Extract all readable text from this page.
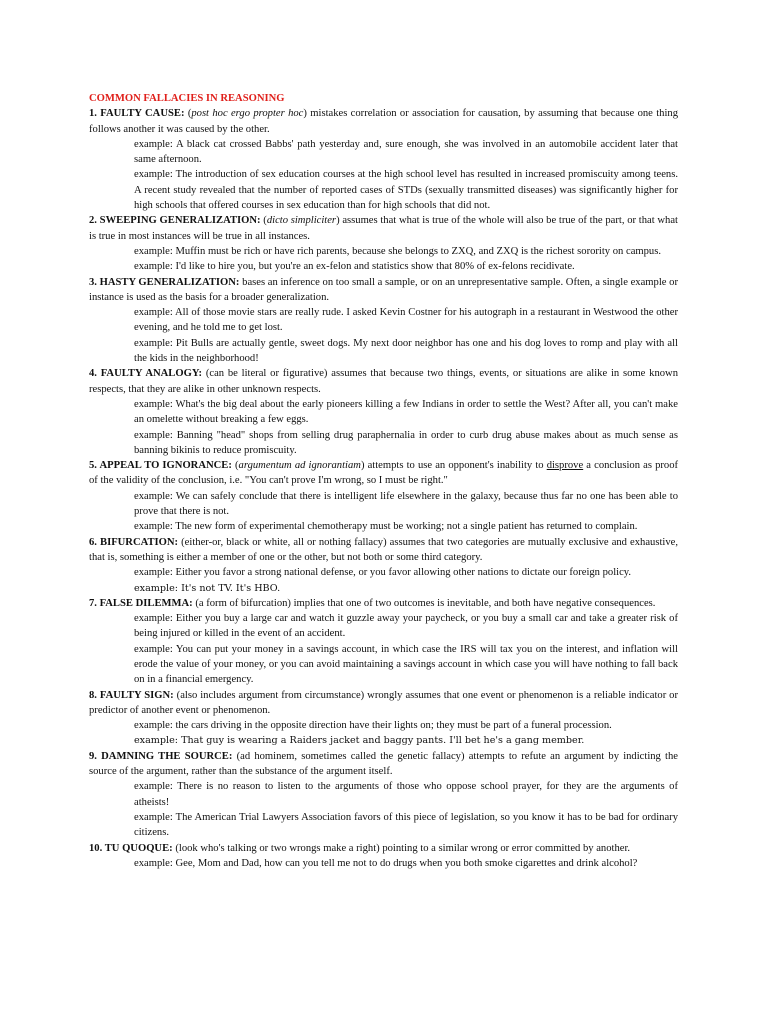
COMMON FALLACIES IN REASONING
1. FAULTY CAUSE: (post hoc ergo propter hoc) mistakes correlation or association for causation, by assuming that because one thing follows another it was caused by the other.
example: A black cat crossed Babbs' path yesterday and, sure enough, she was involved in an automobile accident later that same afternoon.
example: The introduction of sex education courses at the high school level has resulted in increased promiscuity among teens. A recent study revealed that the number of reported cases of STDs (sexually transmitted diseases) was significantly higher for high schools that offered courses in sex education than for high schools that did not.
2. SWEEPING GENERALIZATION: (dicto simpliciter) assumes that what is true of the whole will also be true of the part, or that what is true in most instances will be true in all instances.
example: Muffin must be rich or have rich parents, because she belongs to ZXQ, and ZXQ is the richest sorority on campus.
example: I'd like to hire you, but you're an ex-felon and statistics show that 80% of ex-felons recidivate.
3. HASTY GENERALIZATION: bases an inference on too small a sample, or on an unrepresentative sample. Often, a single example or instance is used as the basis for a broader generalization.
example: All of those movie stars are really rude. I asked Kevin Costner for his autograph in a restaurant in Westwood the other evening, and he told me to get lost.
example: Pit Bulls are actually gentle, sweet dogs. My next door neighbor has one and his dog loves to romp and play with all the kids in the neighborhood!
4. FAULTY ANALOGY: (can be literal or figurative) assumes that because two things, events, or situations are alike in some known respects, that they are alike in other unknown respects.
example: What's the big deal about the early pioneers killing a few Indians in order to settle the West? After all, you can't make an omelette without breaking a few eggs.
example: Banning "head" shops from selling drug paraphernalia in order to curb drug abuse makes about as much sense as banning bikinis to reduce promiscuity.
5. APPEAL TO IGNORANCE: (argumentum ad ignorantiam) attempts to use an opponent's inability to disprove a conclusion as proof of the validity of the conclusion, i.e. "You can't prove I'm wrong, so I must be right."
example: We can safely conclude that there is intelligent life elsewhere in the galaxy, because thus far no one has been able to prove that there is not.
example: The new form of experimental chemotherapy must be working; not a single patient has returned to complain.
6. BIFURCATION: (either-or, black or white, all or nothing fallacy) assumes that two categories are mutually exclusive and exhaustive, that is, something is either a member of one or the other, but not both or some third category.
example: Either you favor a strong national defense, or you favor allowing other nations to dictate our foreign policy.
example: It's not TV. It's HBO.
7. FALSE DILEMMA: (a form of bifurcation) implies that one of two outcomes is inevitable, and both have negative consequences.
example: Either you buy a large car and watch it guzzle away your paycheck, or you buy a small car and take a greater risk of being injured or killed in the event of an accident.
example: You can put your money in a savings account, in which case the IRS will tax you on the interest, and inflation will erode the value of your money, or you can avoid maintaining a savings account in which case you will have nothing to fall back on in a financial emergency.
8. FAULTY SIGN: (also includes argument from circumstance) wrongly assumes that one event or phenomenon is a reliable indicator or predictor of another event or phenomenon.
example: the cars driving in the opposite direction have their lights on; they must be part of a funeral procession.
example: That guy is wearing a Raiders jacket and baggy pants. I'll bet he's a gang member.
9. DAMNING THE SOURCE: (ad hominem, sometimes called the genetic fallacy) attempts to refute an argument by indicting the source of the argument, rather than the substance of the argument itself.
example: There is no reason to listen to the arguments of those who oppose school prayer, for they are the arguments of atheists!
example: The American Trial Lawyers Association favors of this piece of legislation, so you know it has to be bad for ordinary citizens.
10. TU QUOQUE: (look who's talking or two wrongs make a right) pointing to a similar wrong or error committed by another.
example: Gee, Mom and Dad, how can you tell me not to do drugs when you both smoke cigarettes and drink alcohol?
